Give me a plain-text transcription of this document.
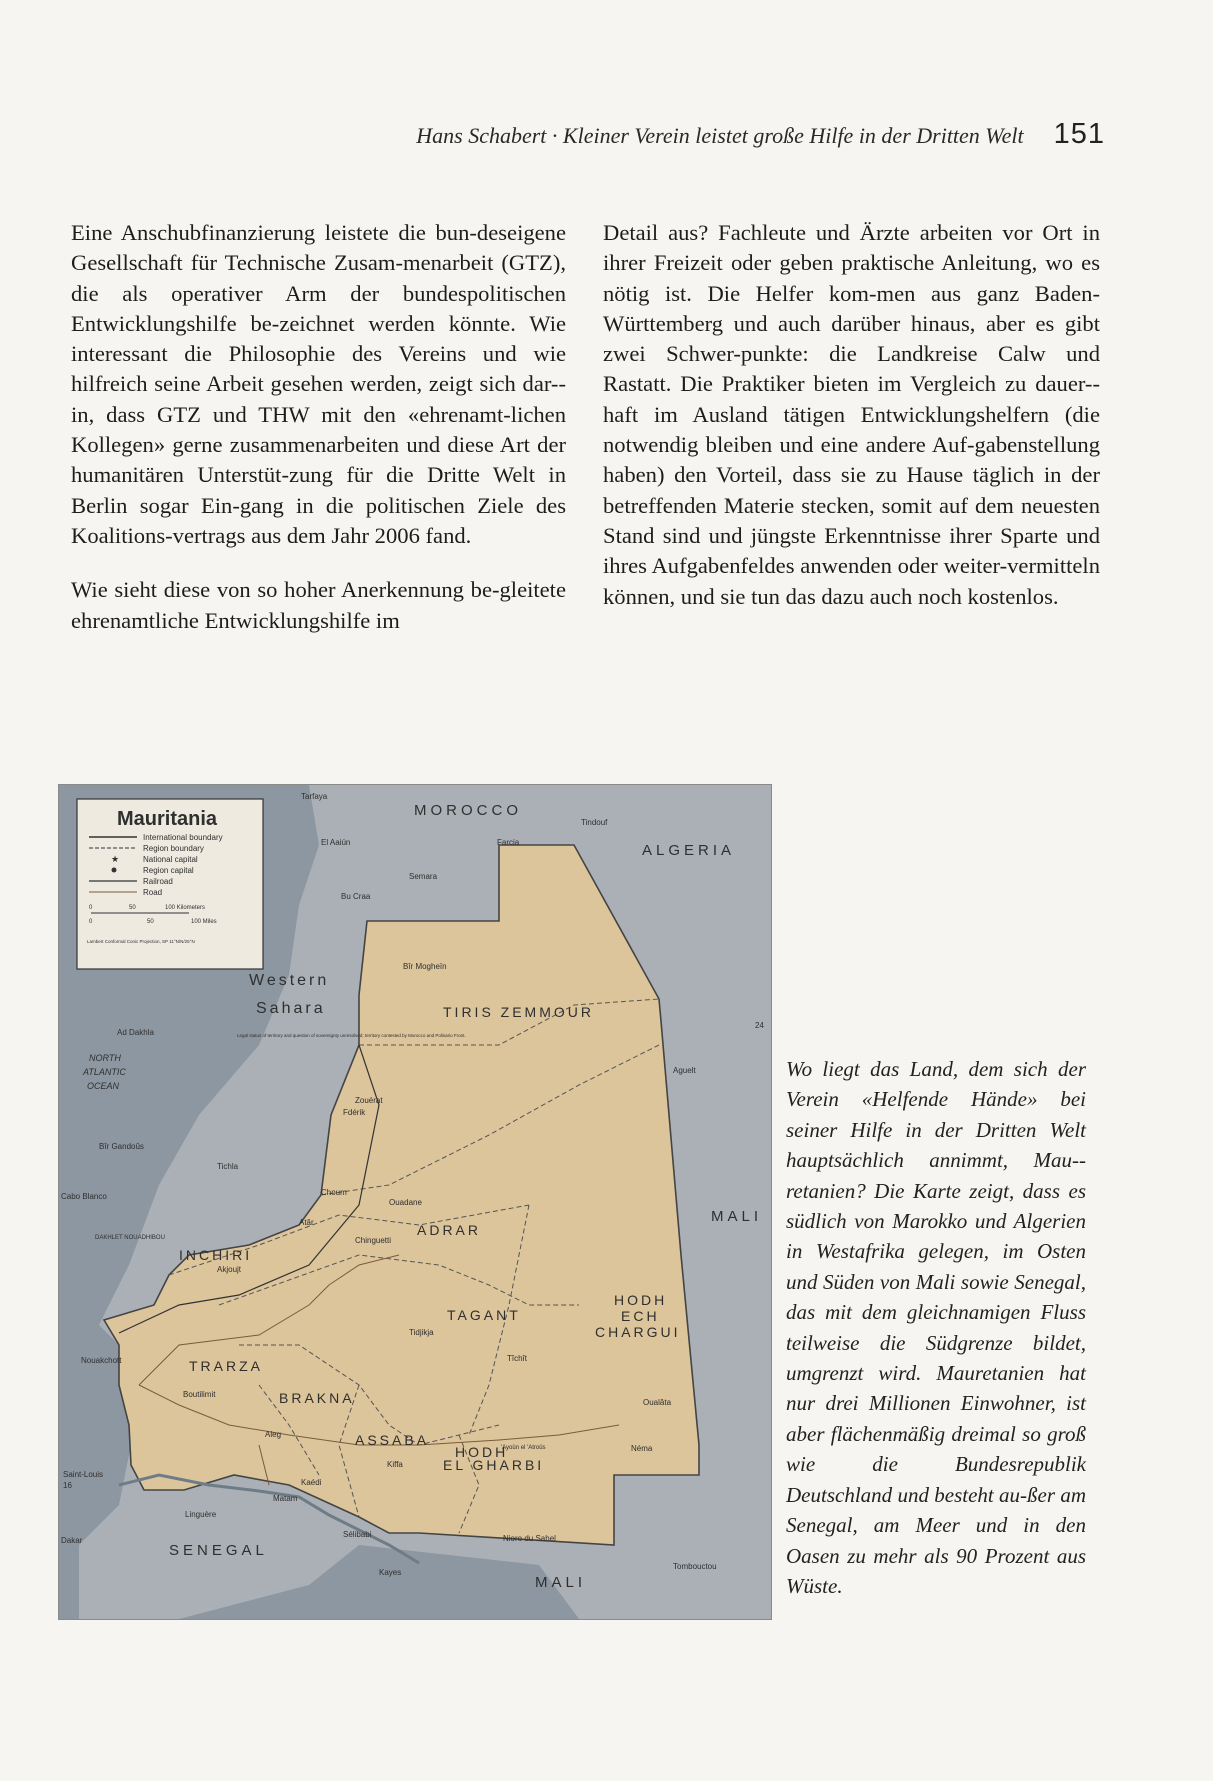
Hans Schabert · Kleiner Verein leistet große Hilfe in der Dritten Welt 151

Eine Anschubfinanzierung leistete die bun-deseigene Gesellschaft für Technische Zusam-menarbeit (GTZ), die als operativer Arm der bundespolitischen Entwicklungshilfe be-zeichnet werden könnte. Wie interessant die Philosophie des Vereins und wie hilfreich seine Arbeit gesehen werden, zeigt sich dar-in, dass GTZ und THW mit den «ehrenamt-lichen Kollegen» gerne zusammenarbeiten und diese Art der humanitären Unterstüt-zung für die Dritte Welt in Berlin sogar Ein-gang in die politischen Ziele des Koalitions-vertrags aus dem Jahr 2006 fand.

Wie sieht diese von so hoher Anerkennung be-gleitete ehrenamtliche Entwicklungshilfe im

Detail aus? Fachleute und Ärzte arbeiten vor Ort in ihrer Freizeit oder geben praktische Anleitung, wo es nötig ist. Die Helfer kom-men aus ganz Baden-Württemberg und auch darüber hinaus, aber es gibt zwei Schwer-punkte: die Landkreise Calw und Rastatt. Die Praktiker bieten im Vergleich zu dauer-haft im Ausland tätigen Entwicklungshelfern (die notwendig bleiben und eine andere Auf-gabenstellung haben) den Vorteil, dass sie zu Hause täglich in der betreffenden Materie stecken, somit auf dem neuesten Stand sind und jüngste Erkenntnisse ihrer Sparte und ihres Aufgabenfeldes anwenden oder weiter-vermitteln können, und sie tun das dazu auch noch kostenlos.

24
16
Mauritania
International boundary
Region boundary
★	National capital
Region capital
Railroad
Road
0	50	100 Kilometers
0	50	100 Miles
Lambert Conformal Conic Projection, SP 11°N/N/25°N
MOROCCO
ALGERIA
Western
Sahara
Legal status of territory and question of sovereignty unresolved; territory contested by Morocco and Polisario Front.
TIRIS ZEMMOUR
NORTH
ATLANTIC
OCEAN
ADRAR
INCHIRI
TAGANT
HODH
ECH
CHARGUI
TRARZA
BRAKNA
ASSABA
HODH
EL GHARBI
MALI
MALI
SENEGAL
Tarfaya
El Aaiún	Farcia
Tindouf
Semara
Bu Craa
Bîr Mogheïn
Zouérat
Fdérik
Ad Dakhla
Bîr Gandoûs
Tichla
Cabo Blanco
DAKHLET NOUADHIBOU
Akjoujt
Atâr
Choum
Ouadane
Chinguetti
Nouakchott
Tidjikja
Tîchît
Aguelt
Oualâta
Néma
Aleg
Boutilimit
Kiffa
'Ayoûn el 'Atroûs
Kaédi
Sélibabi	Nioro du Sahel
Saint-Louis
Dakar
Linguère
Matam
Kayes
Tombouctou
Wo liegt das Land, dem sich der Verein «Helfende Hände» bei seiner Hilfe in der Dritten Welt hauptsächlich annimmt, Mau-retanien? Die Karte zeigt, dass es südlich von Marokko und Algerien in Westafrika gelegen, im Osten und Süden von Mali sowie Senegal, das mit dem gleichnamigen Fluss teilweise die Südgrenze bildet, umgrenzt wird. Mauretanien hat nur drei Millionen Einwohner, ist aber flächenmäßig dreimal so groß wie die Bundesrepublik Deutschland und besteht au-ßer am Senegal, am Meer und in den Oasen zu mehr als 90 Prozent aus Wüste.
